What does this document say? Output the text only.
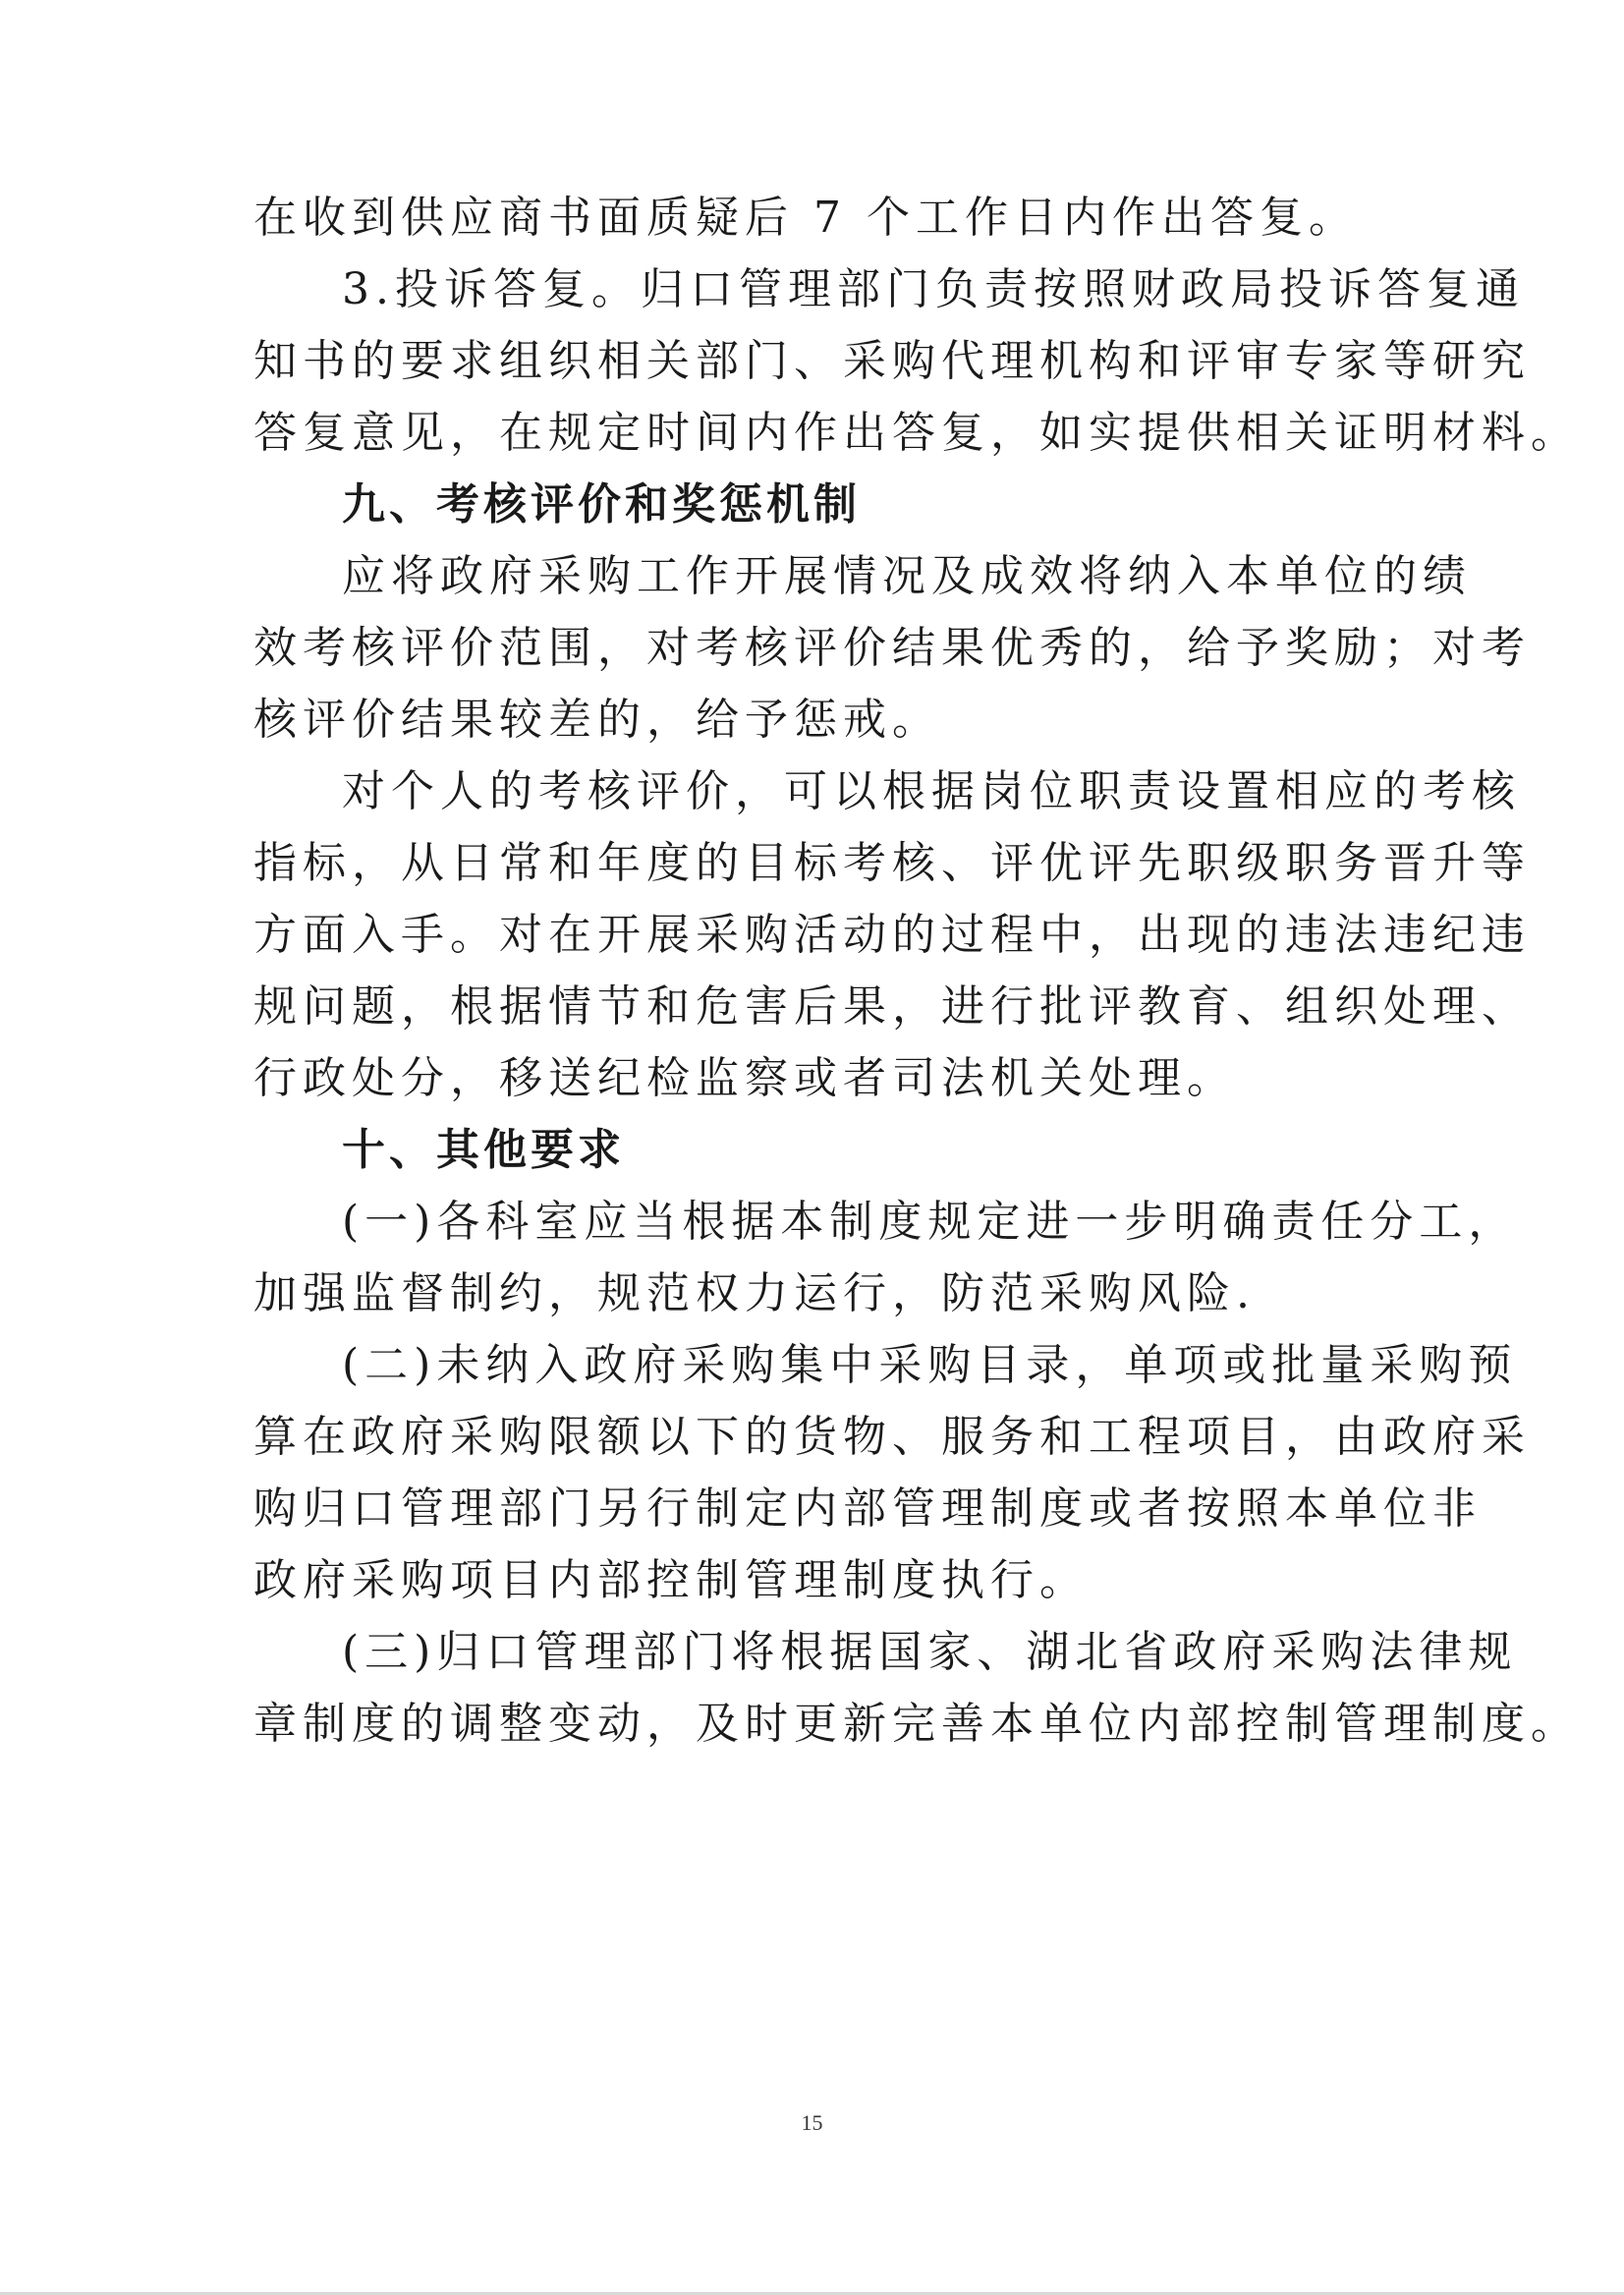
在收到供应商书面质疑后 7 个工作日内作出答复。
3.投诉答复。归口管理部门负责按照财政局投诉答复通
知书的要求组织相关部门、采购代理机构和评审专家等研究
答复意见，在规定时间内作出答复，如实提供相关证明材料。
九、考核评价和奖惩机制
应将政府采购工作开展情况及成效将纳入本单位的绩
效考核评价范围，对考核评价结果优秀的，给予奖励；对考
核评价结果较差的，给予惩戒。
对个人的考核评价，可以根据岗位职责设置相应的考核
指标，从日常和年度的目标考核、评优评先职级职务晋升等
方面入手。对在开展采购活动的过程中，出现的违法违纪违
规问题，根据情节和危害后果，进行批评教育、组织处理、
行政处分，移送纪检监察或者司法机关处理。
十、其他要求
(一)各科室应当根据本制度规定进一步明确责任分工，
加强监督制约，规范权力运行，防范采购风险.
(二)未纳入政府采购集中采购目录，单项或批量采购预
算在政府采购限额以下的货物、服务和工程项目，由政府采
购归口管理部门另行制定内部管理制度或者按照本单位非
政府采购项目内部控制管理制度执行。
(三)归口管理部门将根据国家、湖北省政府采购法律规
章制度的调整变动，及时更新完善本单位内部控制管理制度。
15
